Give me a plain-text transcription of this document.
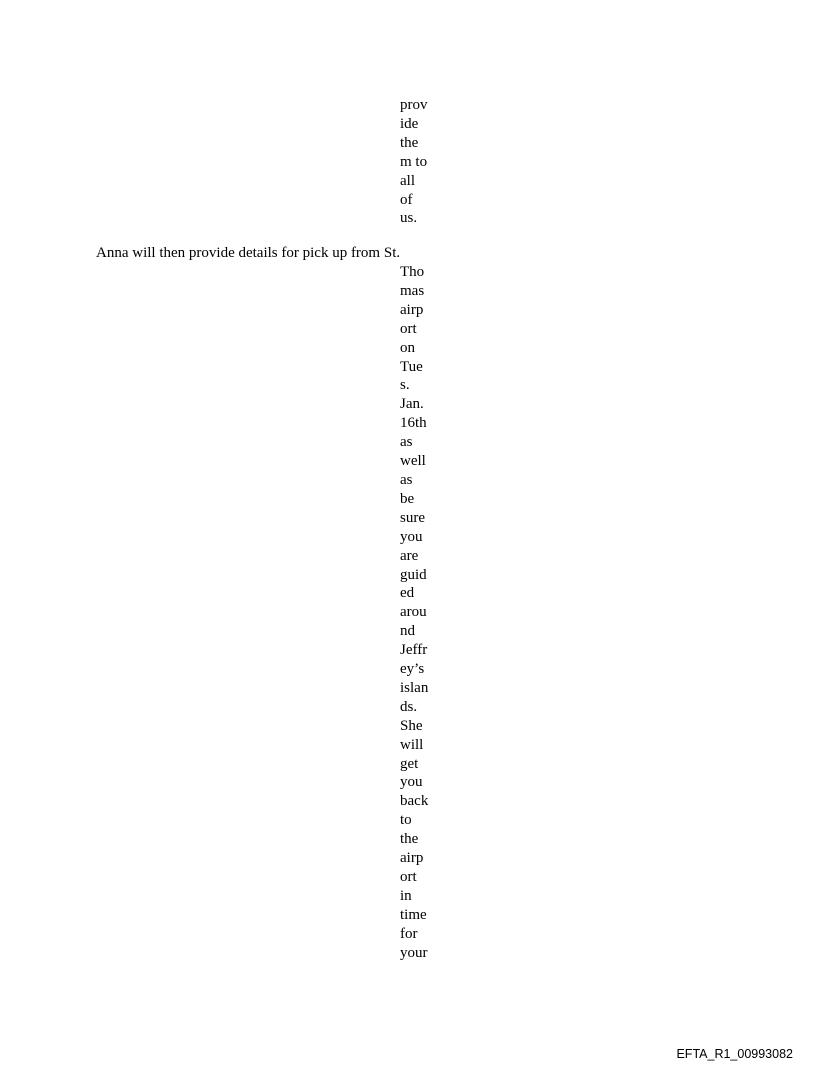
prov
ide
the
m to
all
of
us.
Anna will then provide details for pick up from St.
Tho
mas
airp
ort
on
Tue
s.
Jan.
16th
as
well
as
be
sure
you
are
guid
ed
arou
nd
Jeffr
ey’s
islan
ds.
She
will
get
you
back
to
the
airp
ort
in
time
for
your
EFTA_R1_00993082
